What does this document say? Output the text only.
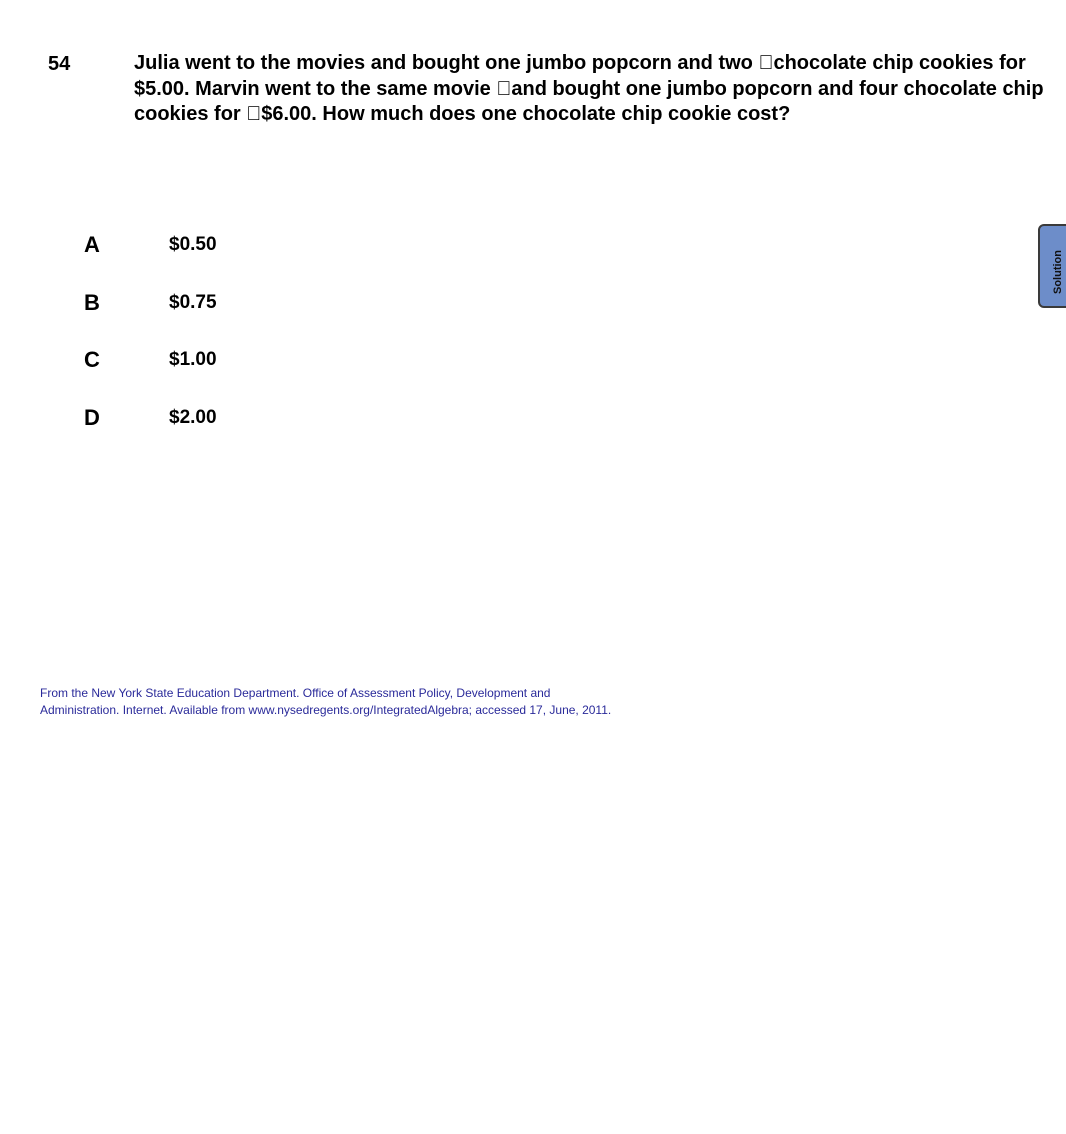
54	Julia went to the movies and bought one jumbo popcorn and two  chocolate chip cookies for $5.00. Marvin went to the same movie  and bought one jumbo popcorn and four chocolate chip cookies for  $6.00. How much does one chocolate chip cookie cost?
A	$0.50
B	$0.75
C	$1.00
D	$2.00
Solution
From the New York State Education Department. Office of Assessment Policy, Development and
Administration. Internet. Available from www.nysedregents.org/IntegratedAlgebra; accessed 17, June, 2011.
